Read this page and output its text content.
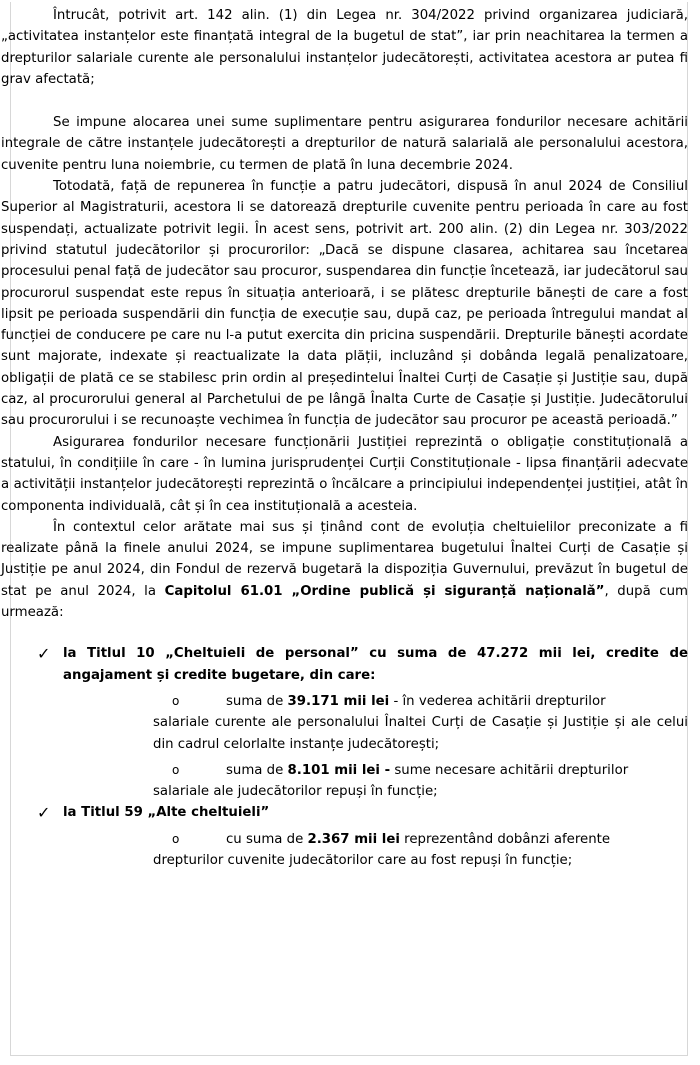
Întrucât, potrivit art. 142 alin. (1) din Legea nr. 304/2022 privind organizarea judiciară, „activitatea instanțelor este finanțată integral de la bugetul de stat”, iar prin neachitarea la termen a drepturilor salariale curente ale personalului instanțelor judecătorești, activitatea acestora ar putea fi grav afectată;

Se impune alocarea unei sume suplimentare pentru asigurarea fondurilor necesare achitării integrale de către instanțele judecătorești a drepturilor de natură salarială ale personalului acestora, cuvenite pentru luna noiembrie, cu termen de plată în luna decembrie 2024.

Totodată, față de repunerea în funcție a patru judecători, dispusă în anul 2024 de Consiliul Superior al Magistraturii, acestora li se datorează drepturile cuvenite pentru perioada în care au fost suspendați, actualizate potrivit legii. În acest sens, potrivit art. 200 alin. (2) din Legea nr. 303/2022 privind statutul judecătorilor și procurorilor: „Dacă se dispune clasarea, achitarea sau încetarea procesului penal față de judecător sau procuror, suspendarea din funcție încetează, iar judecătorul sau procurorul suspendat este repus în situația anterioară, i se plătesc drepturile bănești de care a fost lipsit pe perioada suspendării din funcția de execuție sau, după caz, pe perioada întregului mandat al funcției de conducere pe care nu l-a putut exercita din pricina suspendării. Drepturile bănești acordate sunt majorate, indexate și reactualizate la data plății, incluzând și dobânda legală penalizatoare, obligații de plată ce se stabilesc prin ordin al președintelui Înaltei Curți de Casație și Justiție sau, după caz, al procurorului general al Parchetului de pe lângă Înalta Curte de Casație și Justiție. Judecătorului sau procurorului i se recunoaște vechimea în funcția de judecător sau procuror pe această perioadă.”

Asigurarea fondurilor necesare funcționării Justiției reprezintă o obligație constituțională a statului, în condițiile în care - în lumina jurisprudenței Curții Constituționale - lipsa finanțării adecvate a activității instanțelor judecătorești reprezintă o încălcare a principiului independenței justiției, atât în componenta individuală, cât și în cea instituțională a acesteia.

În contextul celor arătate mai sus și ținând cont de evoluția cheltuielilor preconizate a fi realizate până la finele anului 2024, se impune suplimentarea bugetului Înaltei Curți de Casație și Justiție pe anul 2024, din Fondul de rezervă bugetară la dispoziția Guvernului, prevăzut în bugetul de stat pe anul 2024, la Capitolul 61.01 „Ordine publică și siguranță națională”, după cum urmează:

✓ la Titlul 10 „Cheltuieli de personal” cu suma de 47.272 mii lei, credite de angajament și credite bugetare, din care:
o	suma de 39.171 mii lei - în vederea achitării drepturilor
salariale curente ale personalului Înaltei Curți de Casație și Justiție și ale celui din cadrul celorlalte instanțe judecătorești;
o	suma de 8.101 mii lei - sume necesare achitării drepturilor
salariale ale judecătorilor repuși în funcție;
✓ la Titlul 59 „Alte cheltuieli”
o	cu suma de 2.367 mii lei reprezentând dobânzi aferente
drepturilor cuvenite judecătorilor care au fost repuși în funcție;
